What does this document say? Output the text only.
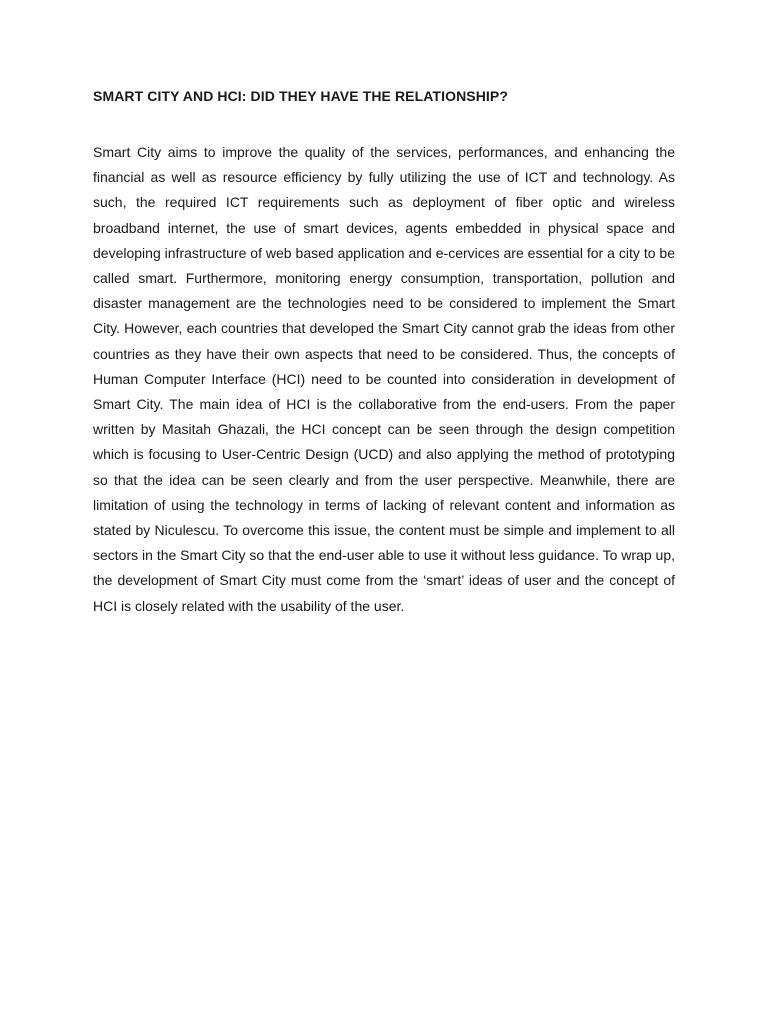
SMART CITY AND HCI: DID THEY HAVE THE RELATIONSHIP?

Smart City aims to improve the quality of the services, performances, and enhancing the financial as well as resource efficiency by fully utilizing the use of ICT and technology. As such, the required ICT requirements such as deployment of fiber optic and wireless broadband internet, the use of smart devices, agents embedded in physical space and developing infrastructure of web based application and e-cervices are essential for a city to be called smart. Furthermore, monitoring energy consumption, transportation, pollution and disaster management are the technologies need to be considered to implement the Smart City. However, each countries that developed the Smart City cannot grab the ideas from other countries as they have their own aspects that need to be considered. Thus, the concepts of Human Computer Interface (HCI) need to be counted into consideration in development of Smart City. The main idea of HCI is the collaborative from the end-users. From the paper written by Masitah Ghazali, the HCI concept can be seen through the design competition which is focusing to User-Centric Design (UCD) and also applying the method of prototyping so that the idea can be seen clearly and from the user perspective. Meanwhile, there are limitation of using the technology in terms of lacking of relevant content and information as stated by Niculescu. To overcome this issue, the content must be simple and implement to all sectors in the Smart City so that the end-user able to use it without less guidance. To wrap up, the development of Smart City must come from the ‘smart’ ideas of user and the concept of HCI is closely related with the usability of the user.
